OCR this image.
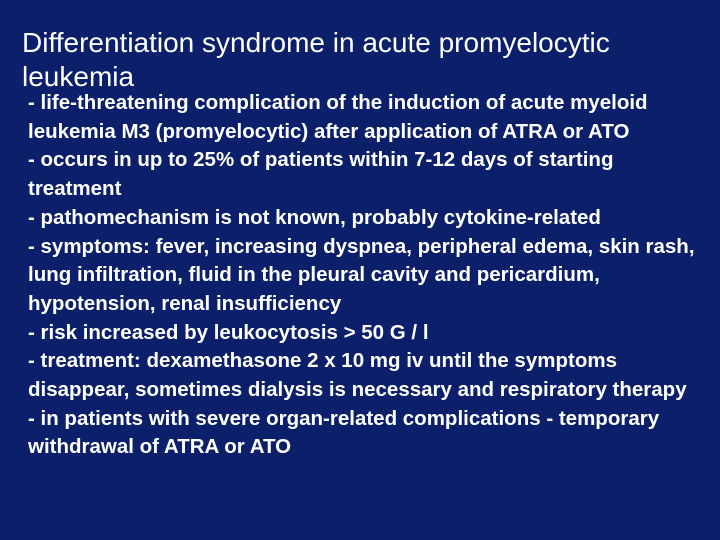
Differentiation syndrome in acute promyelocytic leukemia
- life-threatening complication of the induction of acute myeloid leukemia M3 (promyelocytic) after application of ATRA or ATO
- occurs in up to 25% of patients within 7-12 days of starting treatment
- pathomechanism is not known, probably cytokine-related
- symptoms: fever, increasing dyspnea, peripheral edema, skin rash, lung infiltration, fluid in the pleural cavity and pericardium, hypotension, renal insufficiency
- risk increased by leukocytosis > 50 G / l
- treatment: dexamethasone 2 x 10 mg iv until the symptoms disappear, sometimes dialysis is necessary and respiratory therapy
- in patients with severe organ-related complications - temporary withdrawal of ATRA or ATO
